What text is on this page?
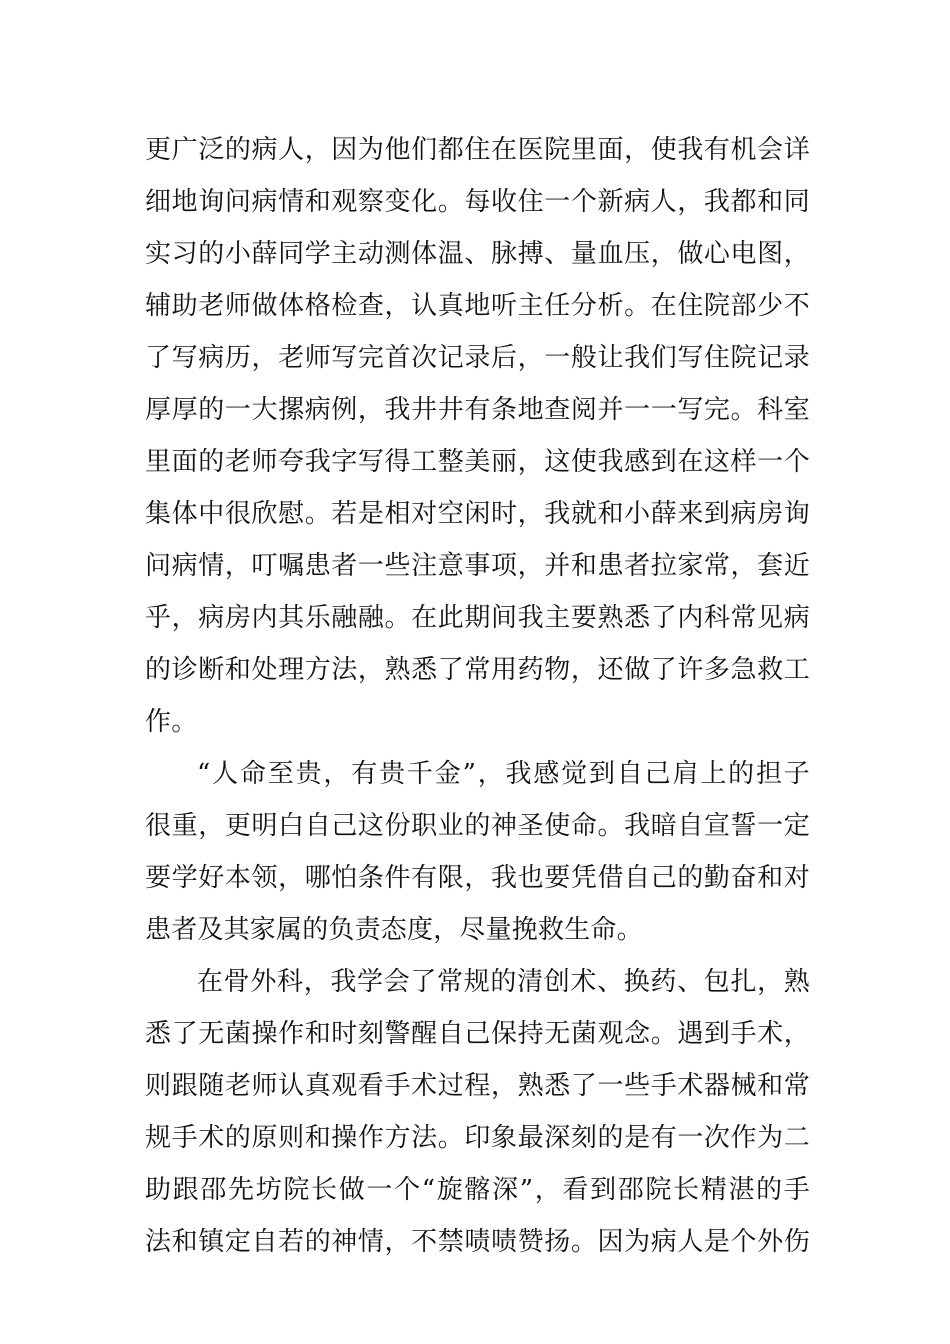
更广泛的病人，因为他们都住在医院里面，使我有机会详
细地询问病情和观察变化。每收住一个新病人，我都和同
实习的小薛同学主动测体温、脉搏、量血压，做心电图，
辅助老师做体格检查，认真地听主任分析。在住院部少不
了写病历，老师写完首次记录后，一般让我们写住院记录
厚厚的一大摞病例，我井井有条地查阅并一一写完。科室
里面的老师夸我字写得工整美丽，这使我感到在这样一个
集体中很欣慰。若是相对空闲时，我就和小薛来到病房询
问病情，叮嘱患者一些注意事项，并和患者拉家常，套近
乎，病房内其乐融融。在此期间我主要熟悉了内科常见病
的诊断和处理方法，熟悉了常用药物，还做了许多急救工
作。
“人命至贵，有贵千金”，我感觉到自己肩上的担子
很重，更明白自己这份职业的神圣使命。我暗自宣誓一定
要学好本领，哪怕条件有限，我也要凭借自己的勤奋和对
患者及其家属的负责态度，尽量挽救生命。
在骨外科，我学会了常规的清创术、换药、包扎，熟
悉了无菌操作和时刻警醒自己保持无菌观念。遇到手术，
则跟随老师认真观看手术过程，熟悉了一些手术器械和常
规手术的原则和操作方法。印象最深刻的是有一次作为二
助跟邵先坊院长做一个“旋髂深”，看到邵院长精湛的手
法和镇定自若的神情，不禁啧啧赞扬。因为病人是个外伤
